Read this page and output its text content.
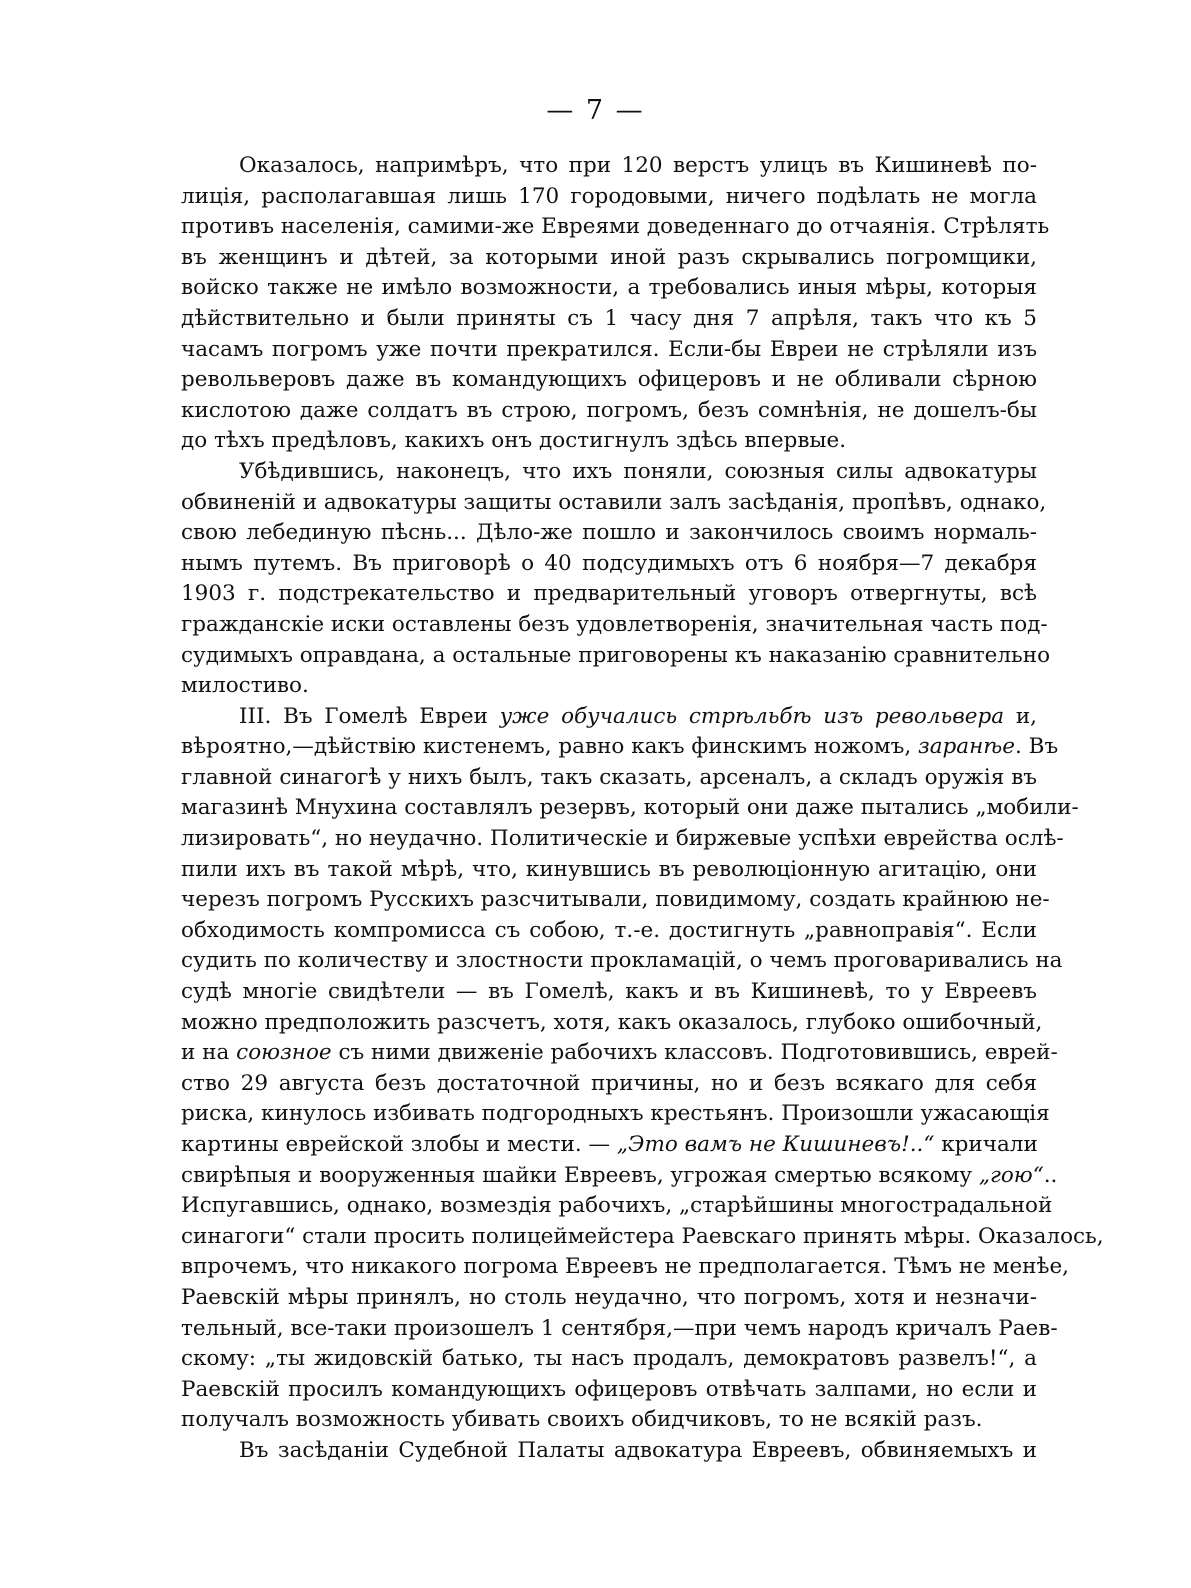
— 7 —
Оказалось, напримѣръ, что при 120 верстъ улицъ въ Кишиневѣ по-
лиція, располагавшая лишь 170 городовыми, ничего подѣлать не могла
противъ населенія, самими-же Евреями доведеннаго до отчаянія. Стрѣлять
въ женщинъ и дѣтей, за которыми иной разъ скрывались погромщики,
войско также не имѣло возможности, а требовались иныя мѣры, которыя
дѣйствительно и были приняты съ 1 часу дня 7 апрѣля, такъ что къ 5
часамъ погромъ уже почти прекратился. Если-бы Евреи не стрѣляли изъ
револьверовъ даже въ командующихъ офицеровъ и не обливали сѣрною
кислотою даже солдатъ въ строю, погромъ, безъ сомнѣнія, не дошелъ-бы
до тѣхъ предѣловъ, какихъ онъ достигнулъ здѣсь впервые.
Убѣдившись, наконецъ, что ихъ поняли, союзныя силы адвокатуры
обвиненій и адвокатуры защиты оставили залъ засѣданія, пропѣвъ, однако,
свою лебединую пѣснь... Дѣло-же пошло и закончилось своимъ нормаль-
нымъ путемъ. Въ приговорѣ о 40 подсудимыхъ отъ 6 ноября—7 декабря
1903 г. подстрекательство и предварительный уговоръ отвергнуты, всѣ
гражданскіе иски оставлены безъ удовлетворенія, значительная часть под-
судимыхъ оправдана, а остальные приговорены къ наказанію сравнительно
милостиво.
III. Въ Гомелѣ Евреи уже обучались стрѣльбѣ изъ револьвера и,
вѣроятно,—дѣйствію кистенемъ, равно какъ финскимъ ножомъ, заранѣе. Въ
главной синагогѣ у нихъ былъ, такъ сказать, арсеналъ, а складъ оружія въ
магазинѣ Мнухина составлялъ резервъ, который они даже пытались „мобили-
лизировать“, но неудачно. Политическіе и биржевые успѣхи еврейства ослѣ-
пили ихъ въ такой мѣрѣ, что, кинувшись въ революціонную агитацію, они
черезъ погромъ Русскихъ разсчитывали, повидимому, создать крайнюю не-
обходимость компромисса съ собою, т.-е. достигнуть „равноправія“. Если
судить по количеству и злостности прокламацій, о чемъ проговаривались на
судѣ многіе свидѣтели — въ Гомелѣ, какъ и въ Кишиневѣ, то у Евреевъ
можно предположить разсчетъ, хотя, какъ оказалось, глубоко ошибочный,
и на союзное съ ними движеніе рабочихъ классовъ. Подготовившись, еврей-
ство 29 августа безъ достаточной причины, но и безъ всякаго для себя
риска, кинулось избивать подгородныхъ крестьянъ. Произошли ужасающія
картины еврейской злобы и мести. — „Это вамъ не Кишиневъ!..“ кричали
свирѣпыя и вооруженныя шайки Евреевъ, угрожая смертью всякому „гою“..
Испугавшись, однако, возмездія рабочихъ, „старѣйшины многострадальной
синагоги“ стали просить полицеймейстера Раевскаго принять мѣры. Оказалось,
впрочемъ, что никакого погрома Евреевъ не предполагается. Тѣмъ не менѣе,
Раевскій мѣры принялъ, но столь неудачно, что погромъ, хотя и незначи-
тельный, все-таки произошелъ 1 сентября,—при чемъ народъ кричалъ Раев-
скому: „ты жидовскій батько, ты насъ продалъ, демократовъ развелъ!“, а
Раевскій просилъ командующихъ офицеровъ отвѣчать залпами, но если и
получалъ возможность убивать своихъ обидчиковъ, то не всякій разъ.
Въ засѣданіи Судебной Палаты адвокатура Евреевъ, обвиняемыхъ и
